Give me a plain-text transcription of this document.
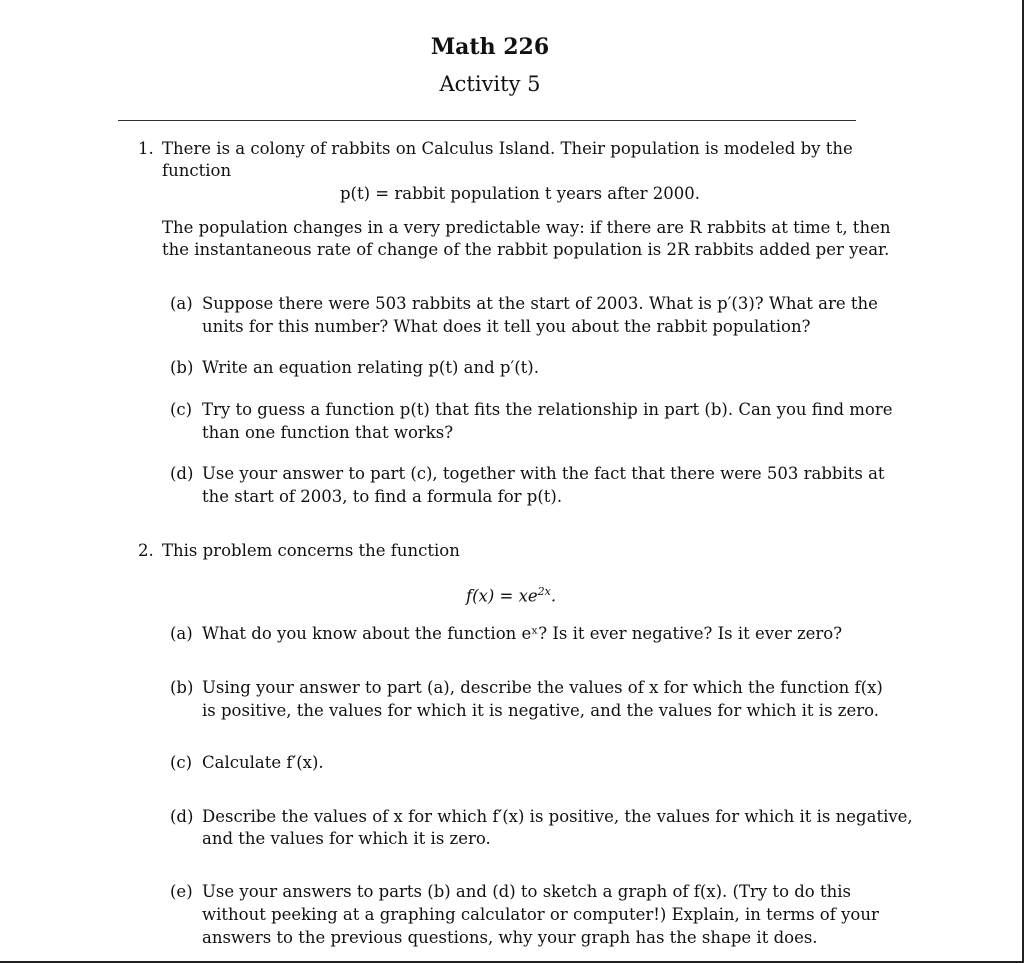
Math 226
Activity 5
1. There is a colony of rabbits on Calculus Island. Their population is modeled by the
function
p(t) = rabbit population t years after 2000.
The population changes in a very predictable way: if there are R rabbits at time t, then
the instantaneous rate of change of the rabbit population is 2R rabbits added per year.
(a) Suppose there were 503 rabbits at the start of 2003. What is p′(3)? What are the
units for this number? What does it tell you about the rabbit population?
(b) Write an equation relating p(t) and p′(t).
(c) Try to guess a function p(t) that fits the relationship in part (b). Can you find more
than one function that works?
(d) Use your answer to part (c), together with the fact that there were 503 rabbits at
the start of 2003, to find a formula for p(t).
2. This problem concerns the function
$f(x) = xe^{2x}$.
(a) What do you know about the function eˣ? Is it ever negative? Is it ever zero?
(b) Using your answer to part (a), describe the values of x for which the function f(x)
is positive, the values for which it is negative, and the values for which it is zero.
(c) Calculate f′(x).
(d) Describe the values of x for which f′(x) is positive, the values for which it is negative,
and the values for which it is zero.
(e) Use your answers to parts (b) and (d) to sketch a graph of f(x). (Try to do this
without peeking at a graphing calculator or computer!) Explain, in terms of your
answers to the previous questions, why your graph has the shape it does.
